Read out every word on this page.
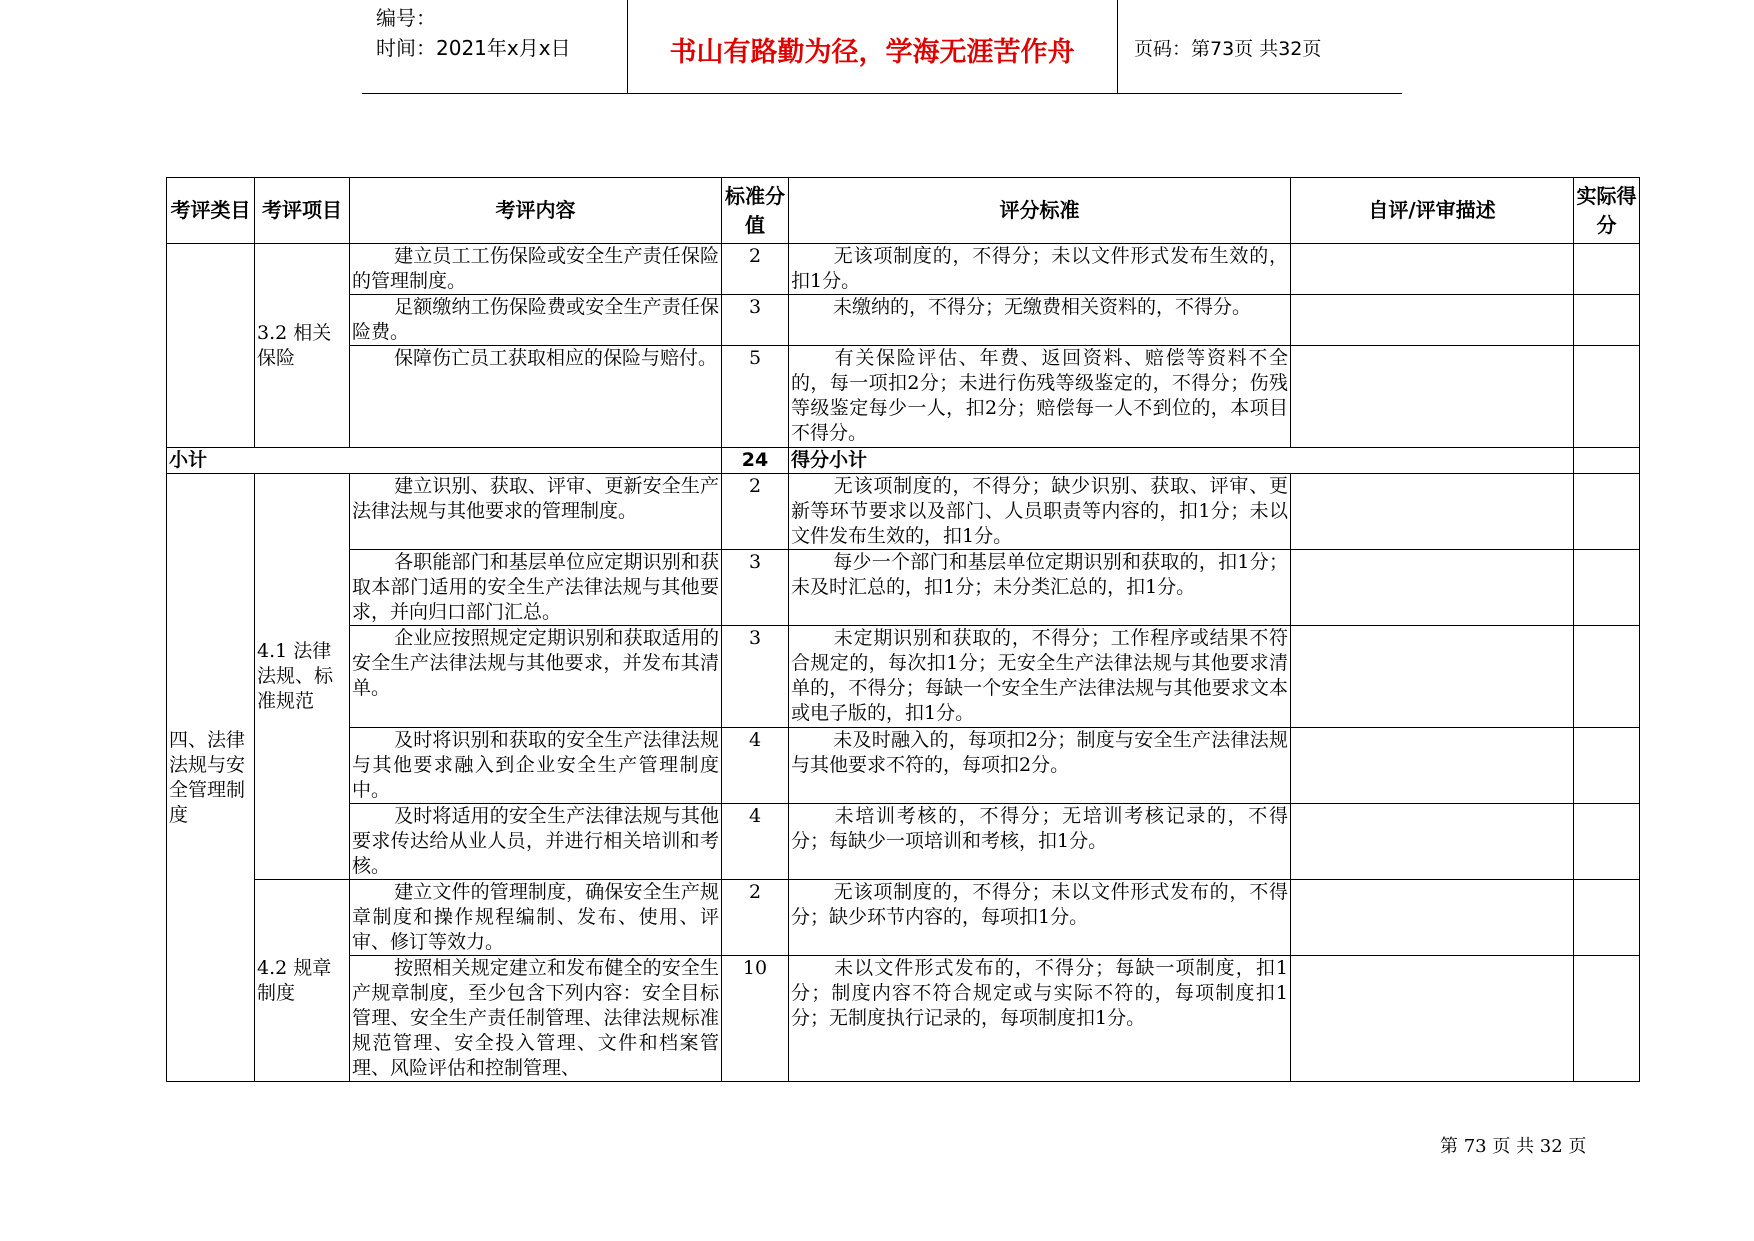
编号：
时间：2021年x月x日	书山有路勤为径，学海无涯苦作舟	页码：第73页 共32页
考评类目	考评项目	考评内容	标准分值	评分标准	自评/评审描述	实际得分
	3.2 相关保险	建立员工工伤保险或安全生产责任保险的管理制度。	2	无该项制度的，不得分；未以文件形式发布生效的，扣1分。		
		足额缴纳工伤保险费或安全生产责任保险费。	3	未缴纳的，不得分；无缴费相关资料的，不得分。		
		保障伤亡员工获取相应的保险与赔付。	5	有关保险评估、年费、返回资料、赔偿等资料不全的，每一项扣2分；未进行伤残等级鉴定的，不得分；伤残等级鉴定每少一人，扣2分；赔偿每一人不到位的，本项目不得分。		
小计			24	得分小计		
四、法律法规与安全管理制度	4.1 法律法规、标准规范	建立识别、获取、评审、更新安全生产法律法规与其他要求的管理制度。	2	无该项制度的，不得分；缺少识别、获取、评审、更新等环节要求以及部门、人员职责等内容的，扣1分；未以文件发布生效的，扣1分。		
		各职能部门和基层单位应定期识别和获取本部门适用的安全生产法律法规与其他要求，并向归口部门汇总。	3	每少一个部门和基层单位定期识别和获取的，扣1分；未及时汇总的，扣1分；未分类汇总的，扣1分。		
		企业应按照规定定期识别和获取适用的安全生产法律法规与其他要求，并发布其清单。	3	未定期识别和获取的，不得分；工作程序或结果不符合规定的，每次扣1分；无安全生产法律法规与其他要求清单的，不得分；每缺一个安全生产法律法规与其他要求文本或电子版的，扣1分。		
		及时将识别和获取的安全生产法律法规与其他要求融入到企业安全生产管理制度中。	4	未及时融入的，每项扣2分；制度与安全生产法律法规与其他要求不符的，每项扣2分。		
		及时将适用的安全生产法律法规与其他要求传达给从业人员，并进行相关培训和考核。	4	未培训考核的，不得分；无培训考核记录的，不得分；每缺少一项培训和考核，扣1分。		
	4.2 规章制度	建立文件的管理制度，确保安全生产规章制度和操作规程编制、发布、使用、评审、修订等效力。	2	无该项制度的，不得分；未以文件形式发布的，不得分；缺少环节内容的，每项扣1分。		
		按照相关规定建立和发布健全的安全生产规章制度，至少包含下列内容：安全目标管理、安全生产责任制管理、法律法规标准规范管理、安全投入管理、文件和档案管理、风险评估和控制管理、	10	未以文件形式发布的，不得分；每缺一项制度，扣1分；制度内容不符合规定或与实际不符的，每项制度扣1分；无制度执行记录的，每项制度扣1分。		
第 73 页 共 32 页
